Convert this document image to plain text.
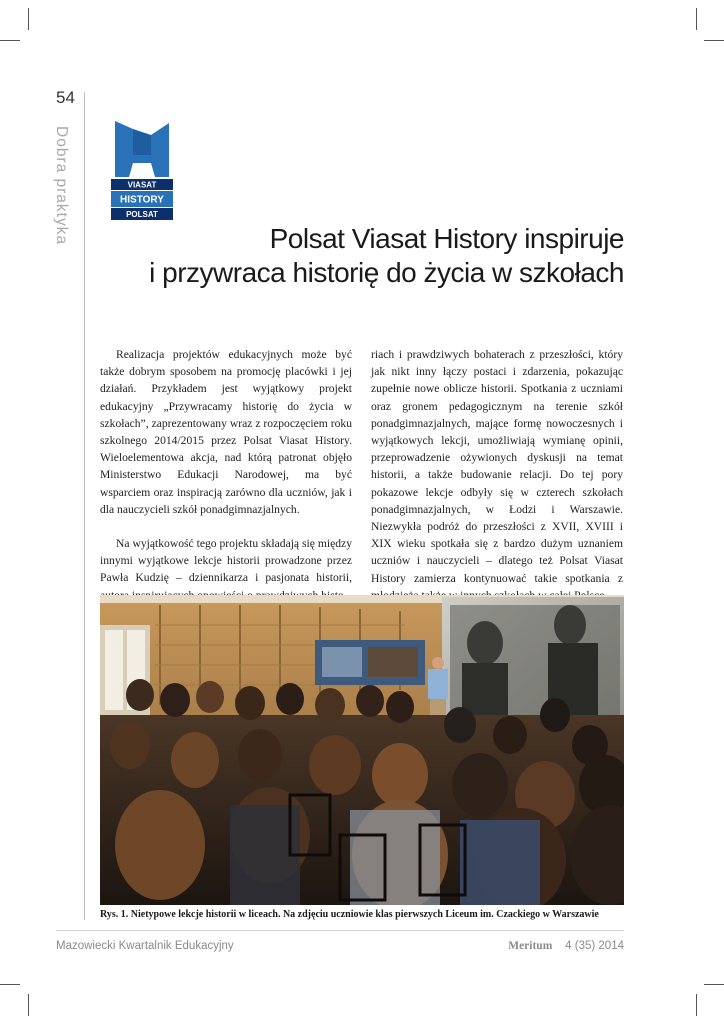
54
Dobra praktyka	VIASAT
HISTORY
POLSAT
Polsat Viasat History inspiruje
i przywraca historię do życia w szkołach

Realizacja projektów edukacyjnych może być także dobrym sposobem na promocję placówki i jej działań. Przykładem jest wyjątkowy projekt edukacyjny „Przywracamy historię do życia w szkołach”, zaprezentowany wraz z rozpoczęciem roku szkolnego 2014/2015 przez Polsat Viasat History. Wieloelementowa akcja, nad którą patronat objęło Ministerstwo Edukacji Narodowej, ma być wsparciem oraz inspiracją zarówno dla uczniów, jak i dla nauczycieli szkół ponadgimnazjalnych.

Na wyjątkowość tego projektu składają się między innymi wyjątkowe lekcje historii prowadzone przez Pawła Kudzię – dziennikarza i pasjonata historii,

riach i prawdziwych bohaterach z przeszłości, który jak nikt inny łączy postaci i zdarzenia, pokazując zupełnie nowe oblicze historii. Spotkania z uczniami oraz gronem pedagogicznym na terenie szkół ponadgimnazjalnych, mające formę nowoczesnych i wyjątkowych lekcji, umożliwiają wymianę opinii, przeprowadzenie ożywionych dyskusji na temat historii, a także budowanie relacji. Do tej pory pokazowe lekcje odbyły się w czterech szkołach ponadgimnazjalnych, w Łodzi i Warszawie. Niezwykła podróż do przeszłości z XVII, XVIII i XIX wieku spotkała się z bardzo dużym uznaniem uczniów i nauczycieli – dlatego też Polsat Viasat History zamierza kontynuować takie spotkania z

Rys. 1. Nietypowe lekcje historii w liceach. Na zdjęciu uczniowie klas pierwszych Liceum im. Czackiego w Warszawie
Mazowiecki Kwartalnik Edukacyjny	Meritum 4 (35) 2014
